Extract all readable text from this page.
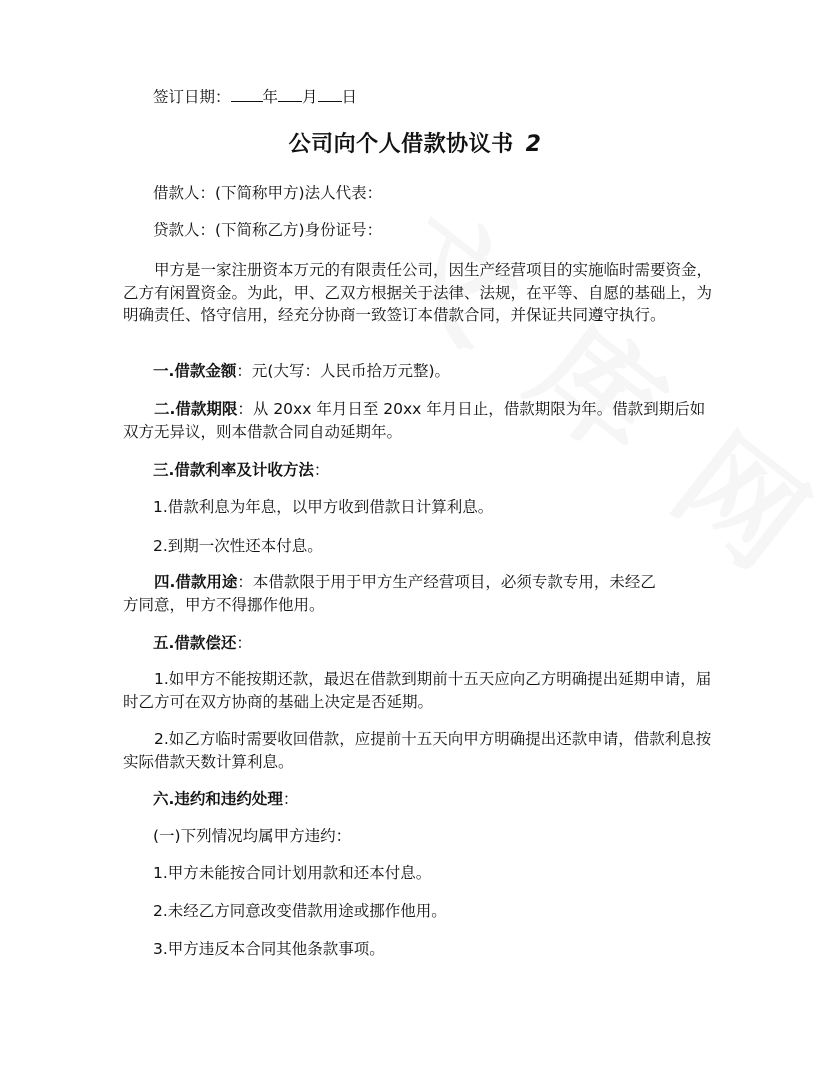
签订日期： 年 月 日
公司向个人借款协议书 2
借款人：(下简称甲方)法人代表：
贷款人：(下简称乙方)身份证号：
甲方是一家注册资本万元的有限责任公司，因生产经营项目的实施临时需要资金，乙方有闲置资金。为此，甲、乙双方根据关于法律、法规，在平等、自愿的基础上，为明确责任、恪守信用，经充分协商一致签订本借款合同，并保证共同遵守执行。
一.借款金额：元(大写：人民币拾万元整)。
二.借款期限：从 20xx 年月日至 20xx 年月日止，借款期限为年。借款到期后如双方无异议，则本借款合同自动延期年。
三.借款利率及计收方法：
1.借款利息为年息，以甲方收到借款日计算利息。
2.到期一次性还本付息。
四.借款用途：本借款限于用于甲方生产经营项目，必须专款专用，未经乙方同意，甲方不得挪作他用。
五.借款偿还：
1.如甲方不能按期还款，最迟在借款到期前十五天应向乙方明确提出延期申请，届时乙方可在双方协商的基础上决定是否延期。
2.如乙方临时需要收回借款，应提前十五天向甲方明确提出还款申请，借款利息按实际借款天数计算利息。
六.违约和违约处理：
(一)下列情况均属甲方违约：
1.甲方未能按合同计划用款和还本付息。
2.未经乙方同意改变借款用途或挪作他用。
3.甲方违反本合同其他条款事项。
